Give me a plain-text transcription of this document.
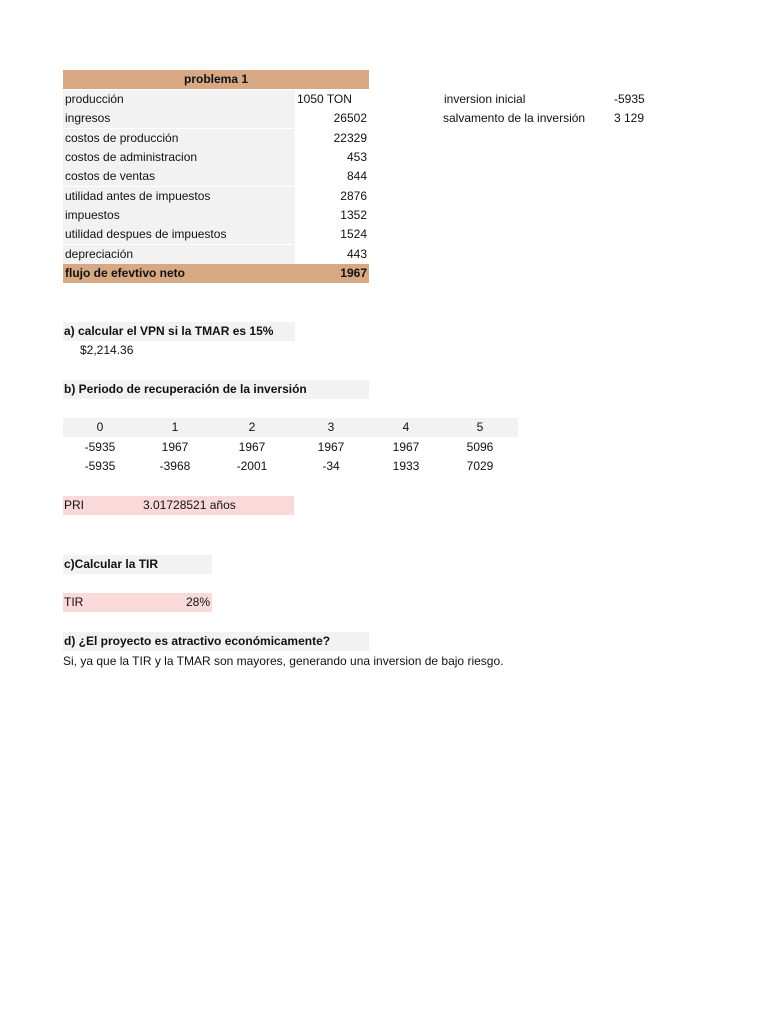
problema 1
producción	1050 TON
ingresos	26502
costos de producción	22329
costos de administracion	453
costos de ventas	844
utilidad antes de impuestos	2876
impuestos	1352
utilidad despues de impuestos	1524
depreciación	443
flujo de efevtivo neto	1967
inversion inicial	-5935
salvamento de la inversión 3 129
a) calcular el VPN si la TMAR es 15%
$2,214.36
b) Periodo de recuperación de la inversión
0	1	2	3	4	5
-5935	1967	1967	1967	1967	5096
-5935	-3968	-2001	-34	1933	7029
PRI	3.01728521 años
c)Calcular la TIR
TIR	28%
d) ¿El proyecto es atractivo económicamente?
Si, ya que la TIR y la TMAR son mayores, generando una inversion de bajo riesgo.
